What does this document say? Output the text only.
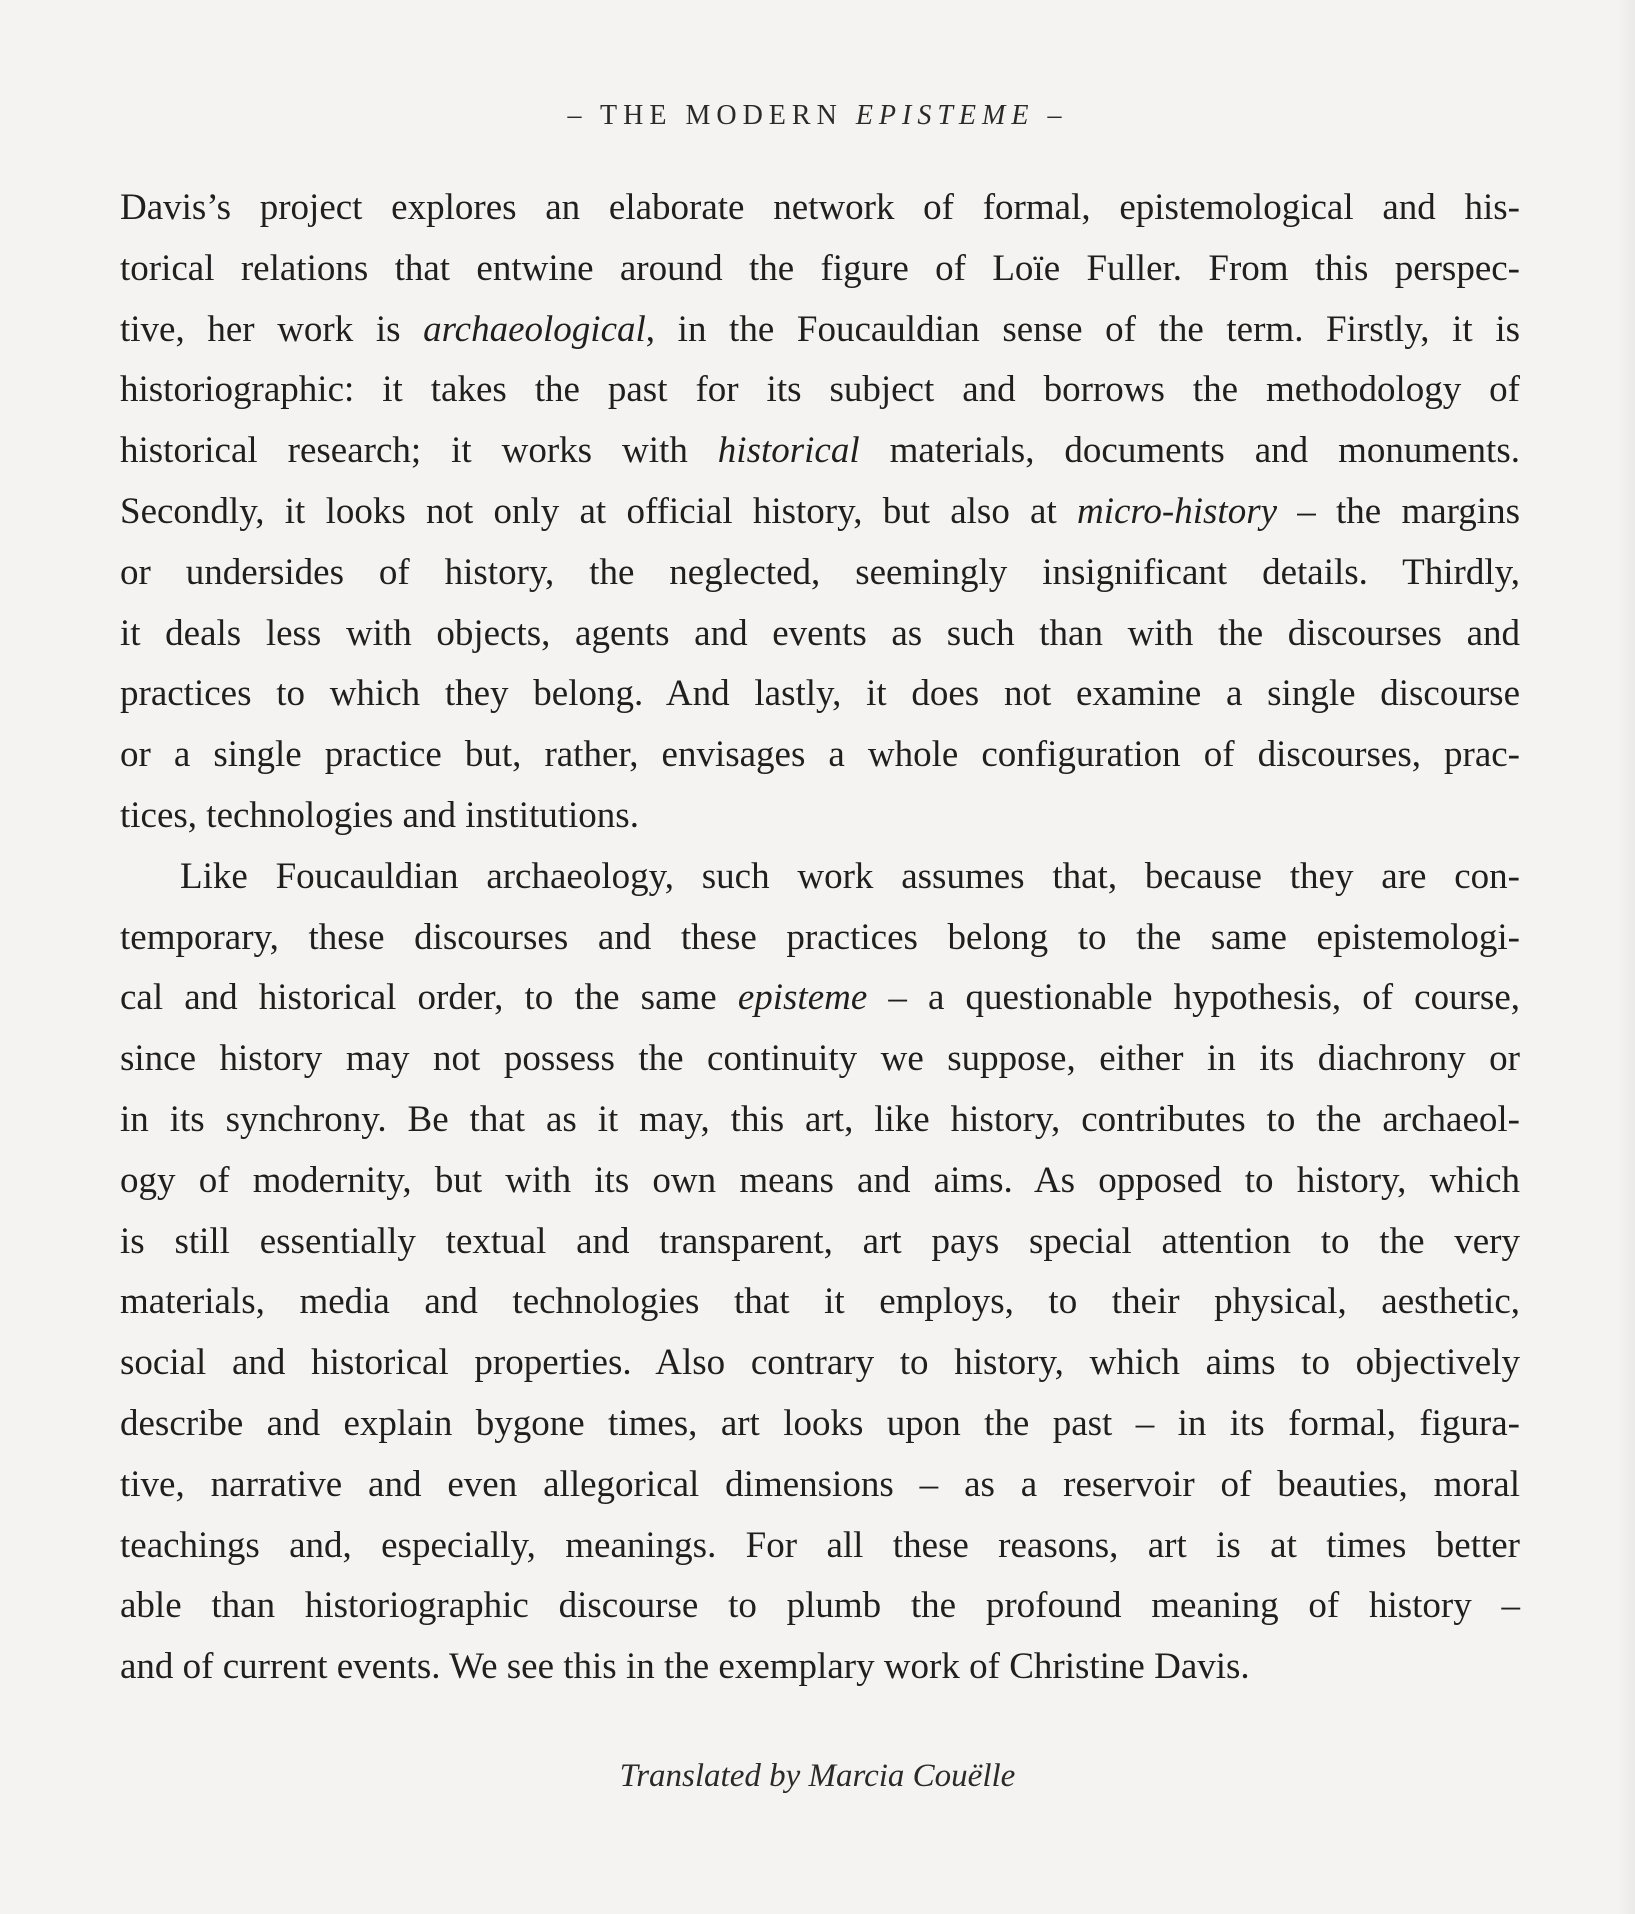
– THE MODERN EPISTEME –

Davis’s project explores an elaborate network of formal, epistemological and his-
torical relations that entwine around the figure of Loïe Fuller. From this perspec-
tive, her work is archaeological, in the Foucauldian sense of the term. Firstly, it is
historiographic: it takes the past for its subject and borrows the methodology of
historical research; it works with historical materials, documents and monuments.
Secondly, it looks not only at official history, but also at micro-history – the margins
or undersides of history, the neglected, seemingly insignificant details. Thirdly,
it deals less with objects, agents and events as such than with the discourses and
practices to which they belong. And lastly, it does not examine a single discourse
or a single practice but, rather, envisages a whole configuration of discourses, prac-
tices, technologies and institutions.

Like Foucauldian archaeology, such work assumes that, because they are con-
temporary, these discourses and these practices belong to the same epistemologi-
cal and historical order, to the same episteme – a questionable hypothesis, of course,
since history may not possess the continuity we suppose, either in its diachrony or
in its synchrony. Be that as it may, this art, like history, contributes to the archaeol-
ogy of modernity, but with its own means and aims. As opposed to history, which
is still essentially textual and transparent, art pays special attention to the very
materials, media and technologies that it employs, to their physical, aesthetic,
social and historical properties. Also contrary to history, which aims to objectively
describe and explain bygone times, art looks upon the past – in its formal, figura-
tive, narrative and even allegorical dimensions – as a reservoir of beauties, moral
teachings and, especially, meanings. For all these reasons, art is at times better
able than historiographic discourse to plumb the profound meaning of history –
and of current events. We see this in the exemplary work of Christine Davis.

Translated by Marcia Couëlle
